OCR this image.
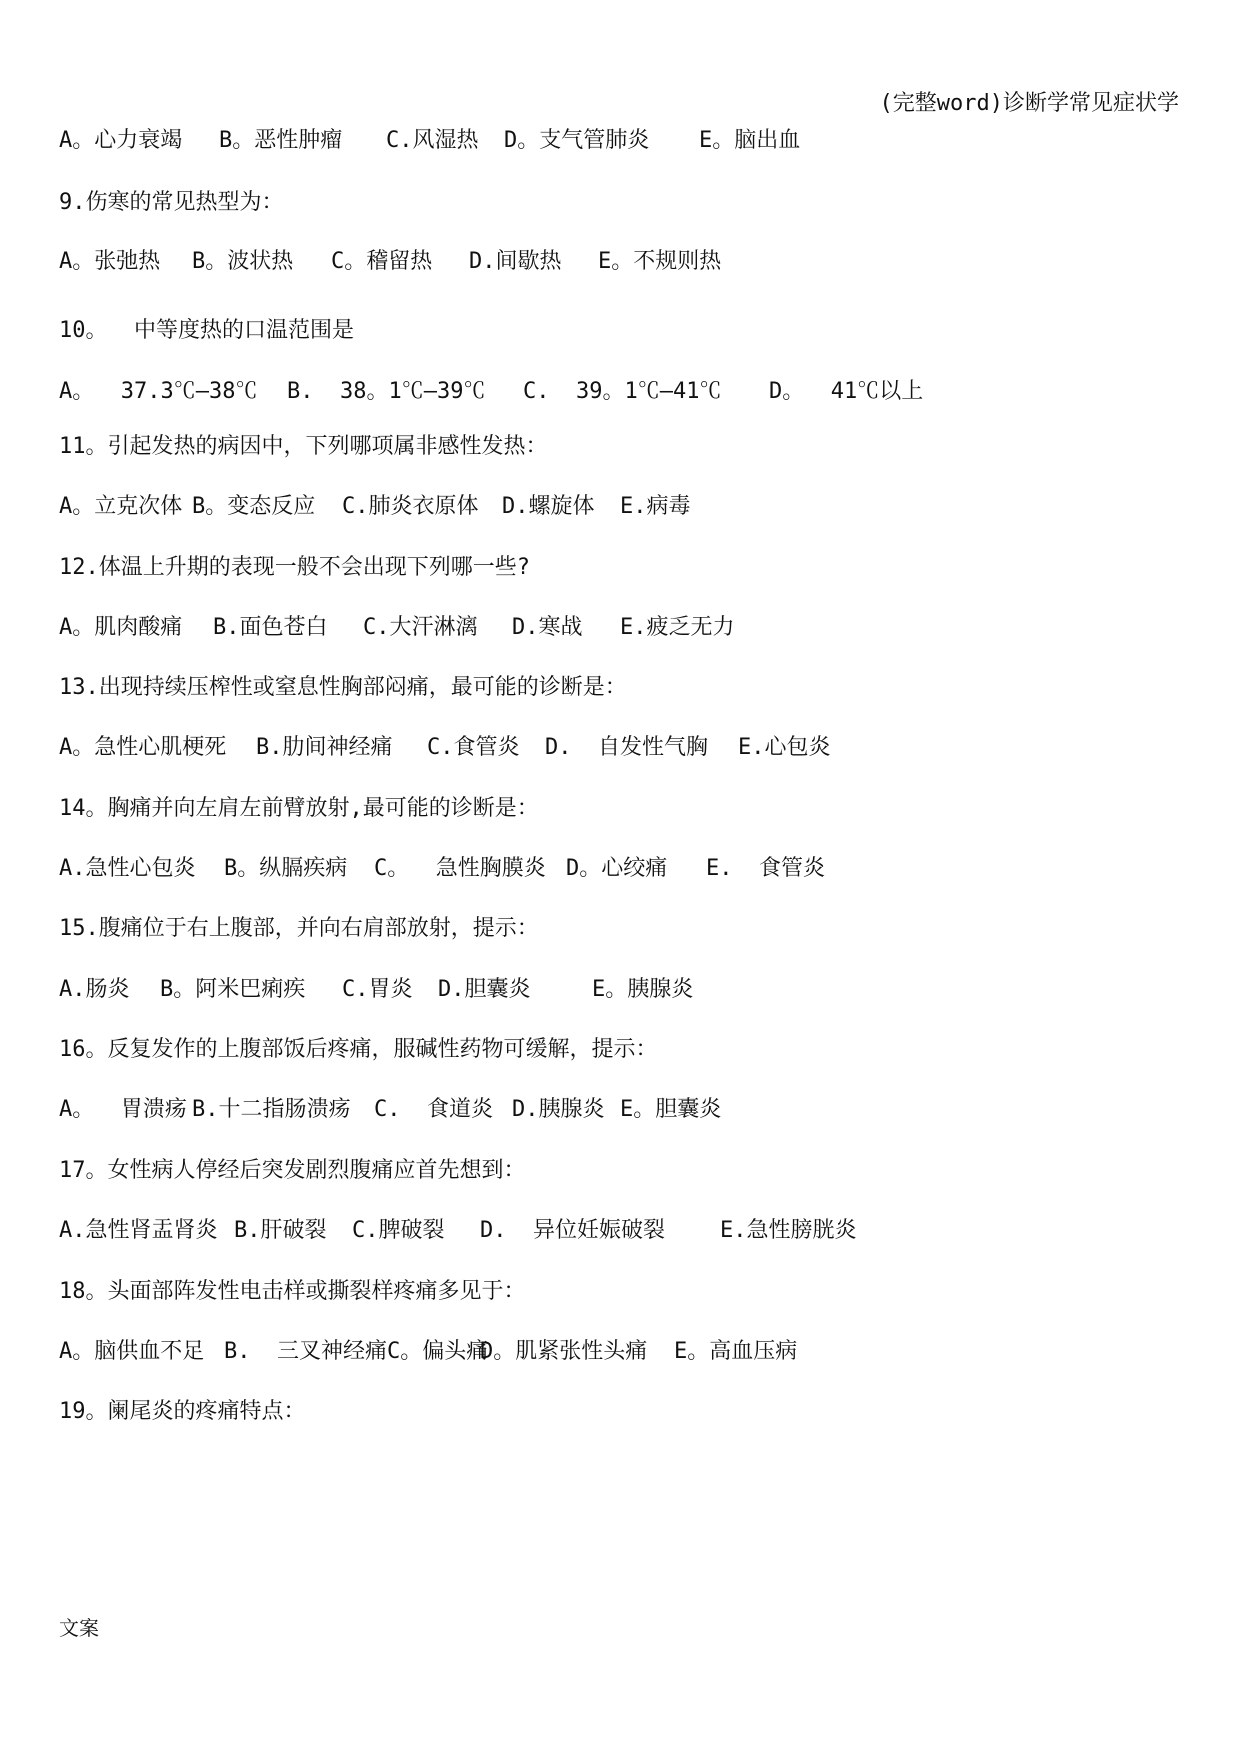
(完整word)诊断学常见症状学

A。心力衰竭

B。恶性肿瘤

C.风湿热

D。支气管肺炎

E。脑出血

9.伤寒的常见热型为：

A。张弛热

B。波状热

C。稽留热

D.间歇热

E。不规则热

10。  中等度热的口温范围是

A。  37.3℃—38℃

B.  38。1℃—39℃

C.  39。1℃—41℃

D。  41℃以上

11。引起发热的病因中，下列哪项属非感性发热：

A。立克次体

B。变态反应

C.肺炎衣原体

D.螺旋体

E.病毒

12.体温上升期的表现一般不会出现下列哪一些?

A。肌肉酸痛

B.面色苍白

C.大汗淋漓

D.寒战

E.疲乏无力

13.出现持续压榨性或窒息性胸部闷痛，最可能的诊断是：

A。急性心肌梗死

B.肋间神经痛

C.食管炎

D.  自发性气胸

E.心包炎

14。胸痛并向左肩左前臂放射,最可能的诊断是：

A.急性心包炎

B。纵膈疾病

C。  急性胸膜炎

D。心绞痛

E.  食管炎

15.腹痛位于右上腹部，并向右肩部放射，提示：

A.肠炎

B。阿米巴痢疾

C.胃炎

D.胆囊炎

	E。胰腺炎

16。反复发作的上腹部饭后疼痛，服碱性药物可缓解，提示：

A。  胃溃疡

B.十二指肠溃疡

C.  食道炎

D.胰腺炎

E。胆囊炎

17。女性病人停经后突发剧烈腹痛应首先想到：

A.急性肾盂肾炎

B.肝破裂

C.脾破裂

D.  异位妊娠破裂

	E.急性膀胱炎

18。头面部阵发性电击样或撕裂样疼痛多见于：

A。脑供血不足

B.  三叉神经痛C。偏头痛

D。肌紧张性头痛

E。高血压病

19。阑尾炎的疼痛特点：
文案
